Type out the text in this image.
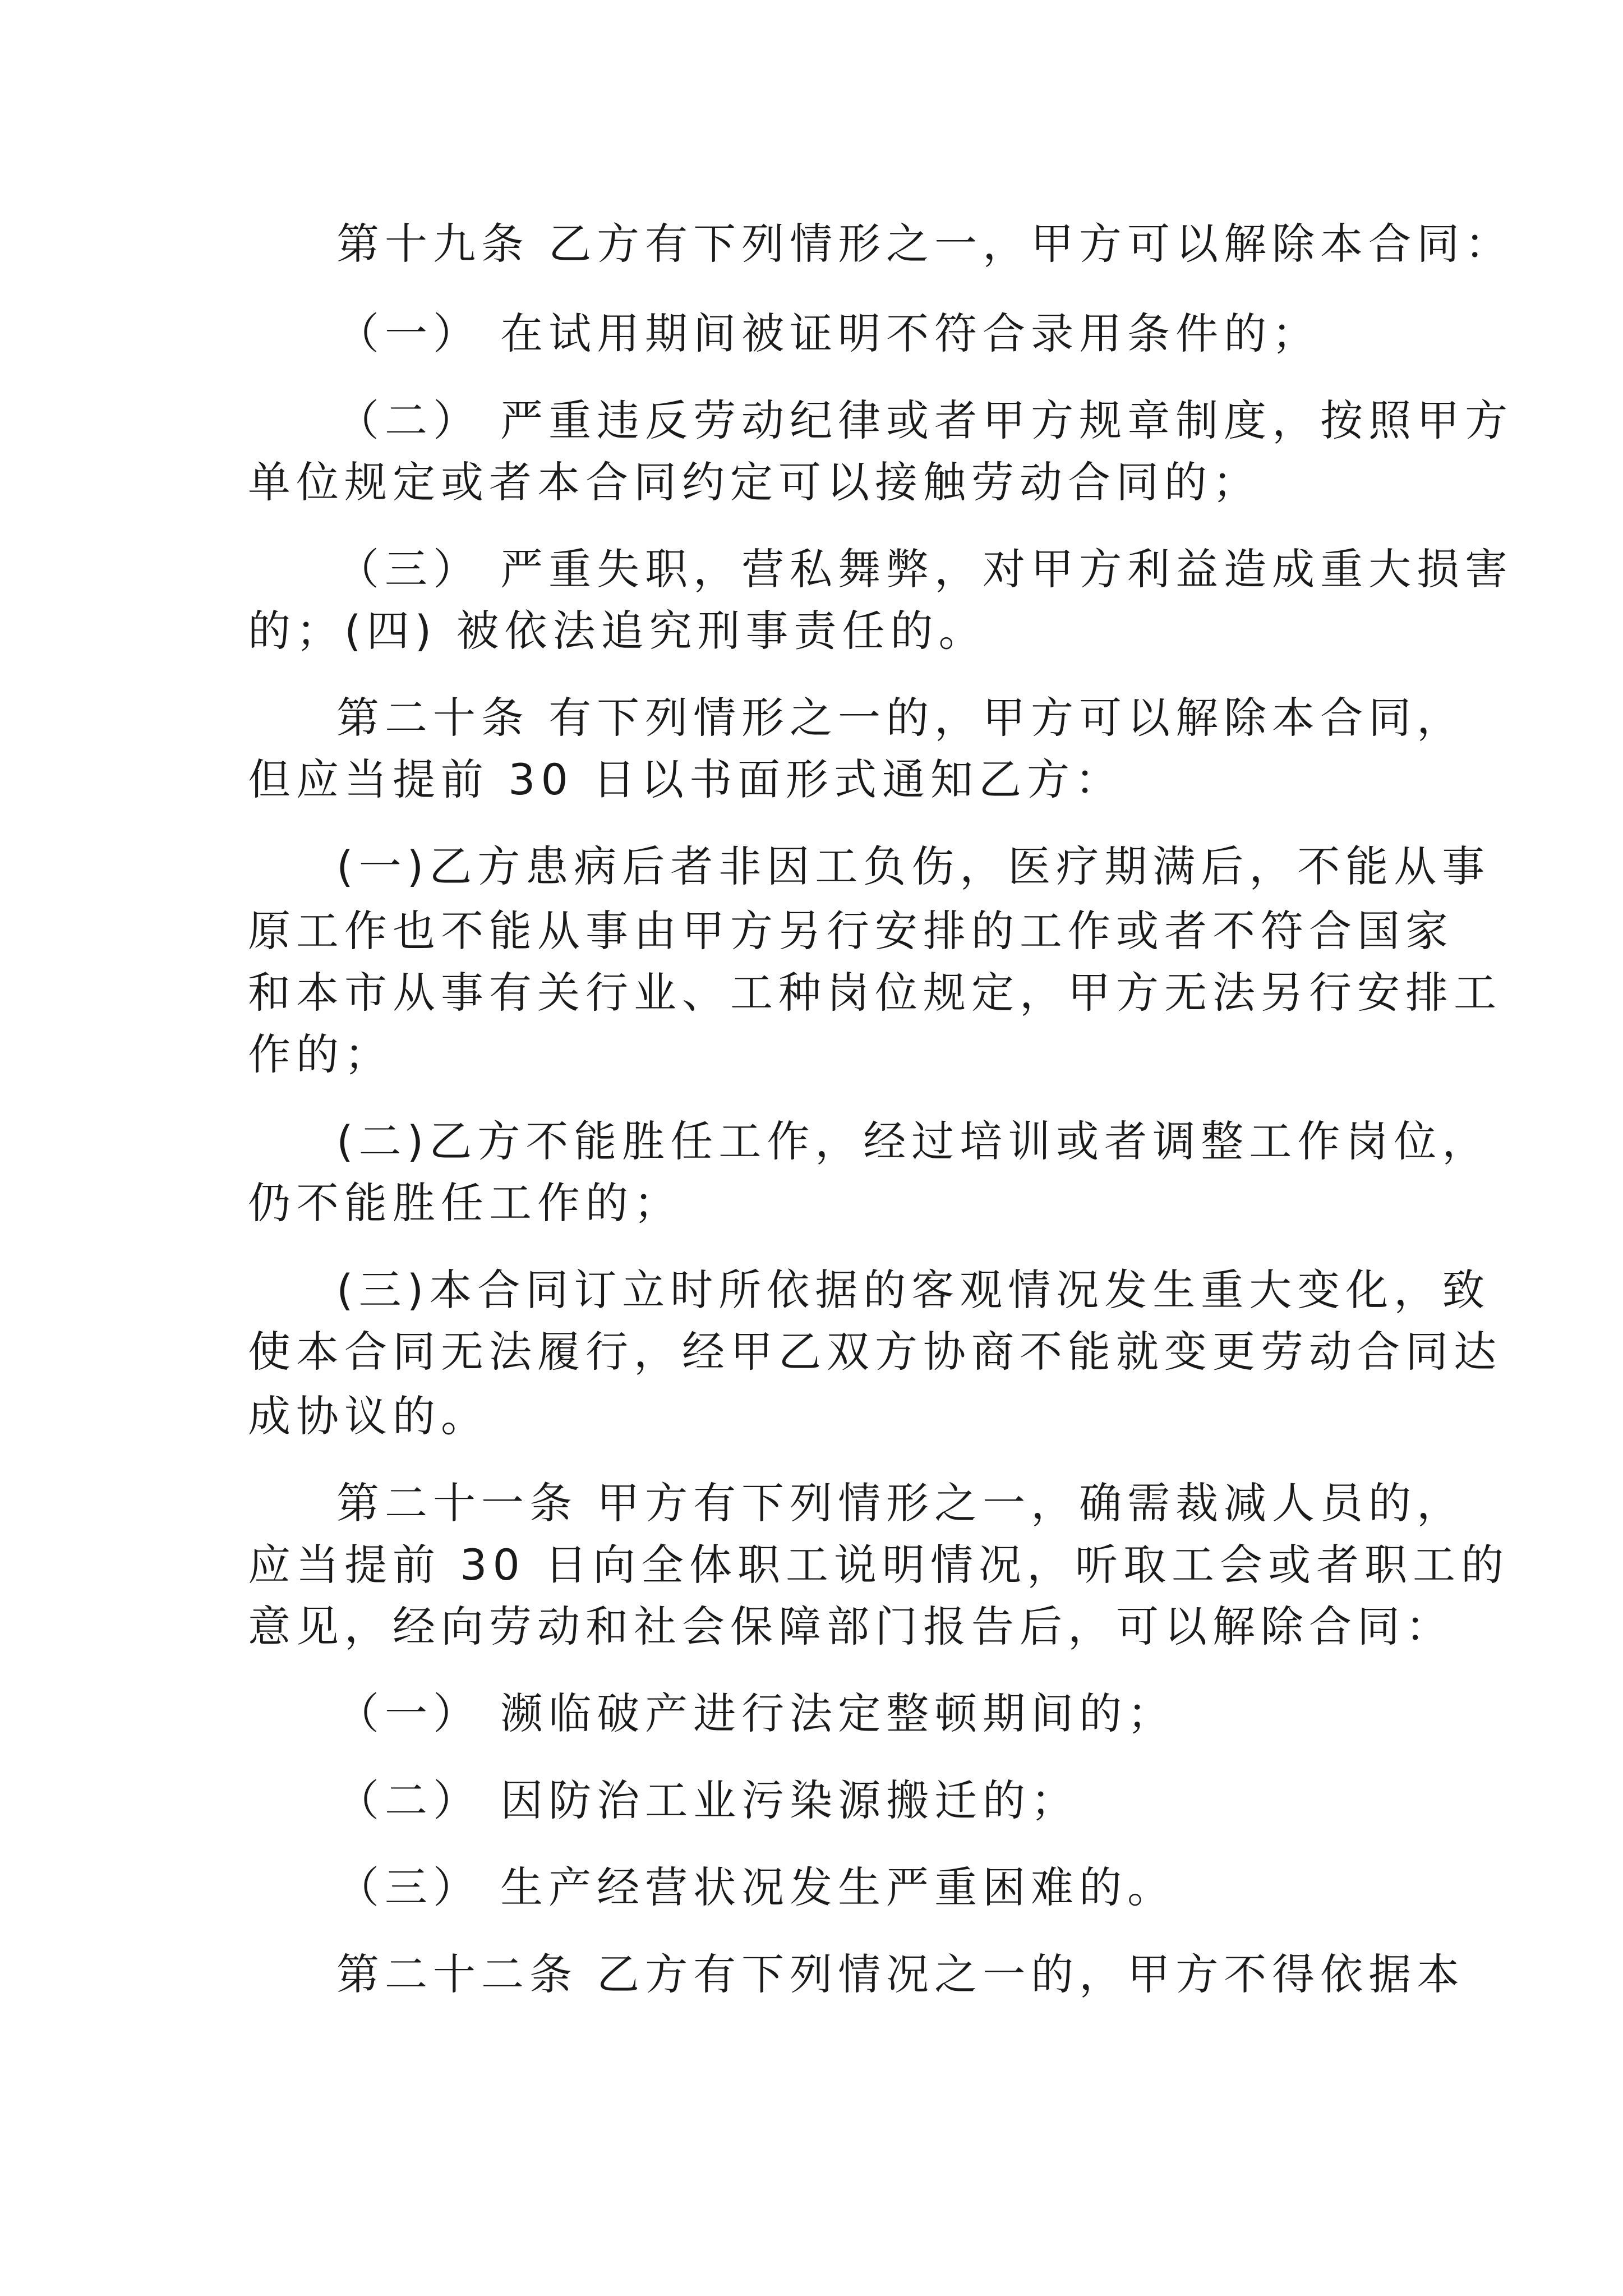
第十九条 乙方有下列情形之一，甲方可以解除本合同：
（一） 在试用期间被证明不符合录用条件的；
（二） 严重违反劳动纪律或者甲方规章制度，按照甲方
单位规定或者本合同约定可以接触劳动合同的；
（三） 严重失职，营私舞弊，对甲方利益造成重大损害
的；(四) 被依法追究刑事责任的。
第二十条 有下列情形之一的，甲方可以解除本合同，
但应当提前 30 日以书面形式通知乙方：
(一)乙方患病后者非因工负伤，医疗期满后，不能从事
原工作也不能从事由甲方另行安排的工作或者不符合国家
和本市从事有关行业、工种岗位规定，甲方无法另行安排工
作的；
(二)乙方不能胜任工作，经过培训或者调整工作岗位，
仍不能胜任工作的；
(三)本合同订立时所依据的客观情况发生重大变化，致
使本合同无法履行，经甲乙双方协商不能就变更劳动合同达
成协议的。
第二十一条 甲方有下列情形之一，确需裁减人员的，
应当提前 30 日向全体职工说明情况，听取工会或者职工的
意见，经向劳动和社会保障部门报告后，可以解除合同：
（一） 濒临破产进行法定整顿期间的；
（二） 因防治工业污染源搬迁的；
（三） 生产经营状况发生严重困难的。
第二十二条 乙方有下列情况之一的，甲方不得依据本
